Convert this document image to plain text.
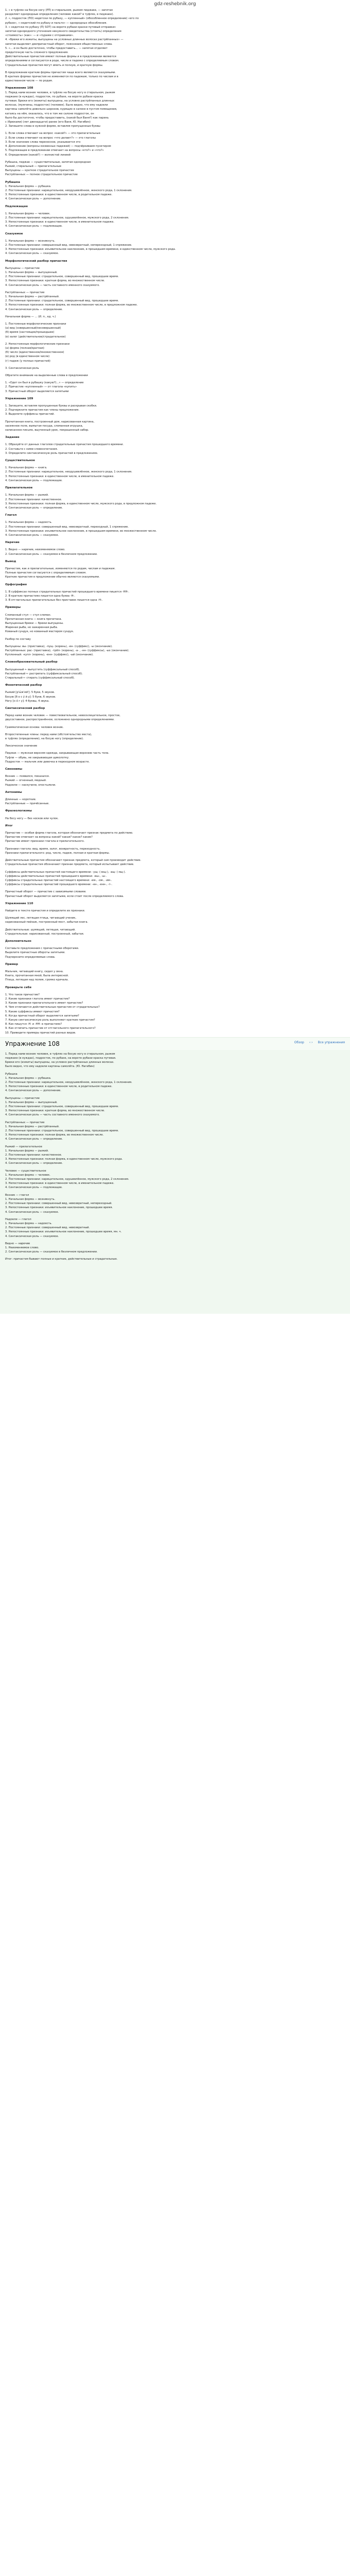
gdz-reshebnik.org

1. « в туфлях на босую ногу (РП) в стиральном, рыжем пиджаке, — запятая

разделяет однородные определения (человек какой? в туфлях, в пиджаке).

2. «, подросток (ПО) недетски по рубаху, — купленный» (обособленное определение) «его по

рубахе», « недетский по рубаху и пальто» — однородных обособления.

3. « недетски по рубаху (П) SOT) на вороте рубахи краски путевый отправки»

запятая однородного уточнения ненужного свидетельства (стоять) определения

«стоимость» (как»: — и «пурами с отправками».

4. «брюки его изжиты, выпущены на условных длинных волосах растрёпанных» —

запятая выделяет деепричастный оборот, пояснения общественных слова.

5. «... и он было достаточно, чтобы предоставить... — запятая отделяет

придаточную часть сложного предложения.

Действительные причастия имеют полные формы и в предложении являются

определениями и согласуются в роде, числе и падеже с определяемым словом.

Страдательные причастия могут иметь и полную, и краткую формы.

В предложении краткие формы причастия чаще всего являются сказуемыми.

В кратких формах причастия не изменяются по падежам, только по числам и в

единственном числе — по родам.

Упражнение 108

1. Перед нами возник человек, в туфлях на босую ногу в стиральном, рыжем

пиджаке (в нуждах), подросток, по рубахе, на вороте рубахи краска

путевая. Брюки его (изжиты) выпущены, на условно растрёпанных длинных

волосах, (мужчины, подросток) (человек). Было видно, что ему надоели

картины самолёта довольно шорохов, курящих в салоне в пустом помещении,

катаясь на нём, оказалось, что в том же салоне подросток, он

было бы достаточно, чтобы предоставить, (какой был Ваня?) как парень

с (брюками) (лет двенадцати) ранее (его Ваня, Ю. Нагибин)

2. Запишите слова в нужной форме, вставляя пропущенные буквы

1. Если слова отвечают на вопрос «какой?» — это прилагательные

2. Если слова отвечают на вопрос «что делает?» — это глаголы

3. Если значение слова переносное, указывается это

4. Дополнение (вопросы косвенных падежей) — подчёркиваем пунктиром

5. Подлежащее в предложении отвечает на вопросы «кто?» и «что?»

6. Определения (какой?) — волнистой линией

Рубашка, пиджак — существительные, запятая однородная

Рыжий, стиральный — прилагательные

Выпущены — краткое страдательное причастие

Растрёпанных — полное страдательное причастие

Рубашка

1. Начальная форма — рубашка.

2. Постоянные признаки: нарицательное, неодушевлённое, женского рода, 1 склонения.

3. Непостоянные признаки: в единственном числе, в родительном падеже.

4. Синтаксическая роль — дополнение.

Подлежащее

1. Начальная форма — человек.

2. Постоянные признаки: нарицательное, одушевлённое, мужского рода, 2 склонения.

3. Непостоянные признаки: в единственном числе, в именительном падеже.

4. Синтаксическая роль — подлежащее.

Сказуемое

1. Начальная форма — возникнуть.

2. Постоянные признаки: совершенный вид, невозвратный, непереходный, 1 спряжение.

3. Непостоянные признаки: изъявительное наклонение, в прошедшем времени, в единственном числе, мужского рода.

4. Синтаксическая роль — сказуемое.

Морфологический разбор причастия

Выпущены — причастие

1. Начальная форма — выпущенный.

2. Постоянные признаки: страдательное, совершенный вид, прошедшее время.

3. Непостоянные признаки: краткая форма, во множественном числе.

4. Синтаксическая роль — часть составного именного сказуемого.

Растрёпанных — причастие

1. Начальная форма — растрёпанный.

2. Постоянные признаки: страдательное, совершенный вид, прошедшее время.

3. Непостоянные признаки: полная форма, во множественном числе, в предложном падеже.

4. Синтаксическая роль — определение.

Начальная форма — ... (И. п., ед. ч.)

1. Постоянные морфологические признаки

(а) вид (совершенный/несовершенный)

(б) время (настоящее/прошедшее)

(в) залог (действительное/страдательное)

2. Непостоянные морфологические признаки

(а) форма (полная/краткая)

(б) число (единственное/множественное)

(в) род (в единственном числе)

(г) падеж (у полных причастий)

3. Синтаксическая роль

Обратите внимание на выделенные слова в предложении

1. «Одет он был в рубашку (какую?)...» — определение

2. Причастие «купленный» — от глагола «купить»

3. Причастный оборот выделяется запятыми

Упражнение 109

1. Запишите, вставляя пропущенные буквы и раскрывая скобки.

2. Подчеркните причастия как члены предложения.

3. Выделите суффиксы причастий.

Прочитанная книга, построенный дом, нарисованная картина,

засеянное поле, вымытая посуда, сломанная игрушка,

написанное письмо, выученный урок, покрашенный забор.

Задание

1. Образуйте от данных глаголов страдательные причастия прошедшего времени.

2. Составьте с ними словосочетания.

3. Определите синтаксическую роль причастий в предложениях.

Существительное

1. Начальная форма — книга.

2. Постоянные признаки: нарицательное, неодушевлённое, женского рода, 1 склонения.

3. Непостоянные признаки: в единственном числе, в именительном падеже.

4. Синтаксическая роль — подлежащее.

Прилагательное

1. Начальная форма — рыжий.

2. Постоянные признаки: качественное.

3. Непостоянные признаки: полная форма, в единственном числе, мужского рода, в предложном падеже.

4. Синтаксическая роль — определение.

Глагол

1. Начальная форма — надоесть.

2. Постоянные признаки: совершенный вид, невозвратный, переходный, 1 спряжение.

3. Непостоянные признаки: изъявительное наклонение, в прошедшем времени, во множественном числе.

4. Синтаксическая роль — сказуемое.

Наречие

1. Видно — наречие, неизменяемое слово.

2. Синтаксическая роль — сказуемое в безличном предложении.

Вывод

Причастия, как и прилагательные, изменяются по родам, числам и падежам.

Полные причастия согласуются с определяемым словом.

Краткие причастия в предложении обычно являются сказуемыми.

Орфография

1. В суффиксах полных страдательных причастий прошедшего времени пишется -НН-.

2. В кратких причастиях пишется одна буква -Н-.

3. В отглагольных прилагательных без приставок пишется одна -Н-.

Примеры

Сломанный стул — стул сломан.

Прочитанная книга — книга прочитана.

Выпущенные брюки — брюки выпущены.

Жареная рыба, но зажаренная рыба.

Кованый сундук, но кованный мастером сундук.

Разбор по составу

Выпущены: вы- (приставка), -пущ- (корень), -ен- (суффикс), -ы (окончание).

Растрёпанных: рас- (приставка), -трёп- (корень), -а- , -нн- (суффиксы), -ых (окончание).

Купленный: -купл- (корень), -енн- (суффикс), -ый (окончание).

Словообразовательный разбор

Выпущенный ← выпустить (суффиксальный способ).

Растрёпанный ← растрепать (суффиксальный способ).

Стиральный ← стирать (суффиксальный способ).

Фонетический разбор

Рыжий [р'ы́ж'ий']: 5 букв, 5 звуков.

Босую [б о с у́ й у]: 5 букв, 6 звуков.

Ногу [н о́ г у]: 4 буквы, 4 звука.

Синтаксический разбор

Перед нами возник человек — повествовательное, невосклицательное, простое,

двусоставное, распространённое, осложнено однородными определениями.

Грамматическая основа: человек возник.

Второстепенные члены: перед нами (обстоятельство места),

в туфлях (определение), на босую ногу (определение).

Лексическое значение

Пиджак — мужская верхняя одежда, закрывающая верхнюю часть тела.

Туфли — обувь, не закрывающая щиколотку.

Подросток — мальчик или девочка в переходном возрасте.

Синонимы

Возник — появился, показался.

Рыжий — огненный, медный.

Надоели — наскучили, опостылели.

Антонимы

Длинные — короткие.

Растрёпанные — причёсанные.

Фразеологизмы

На босу ногу — без носков или чулок.

Итог

Причастие — особая форма глагола, которая обозначает признак предмета по действию.

Причастие отвечает на вопросы какой? какая? какое? какие?

Причастие имеет признаки глагола и прилагательного.

Признаки глагола: вид, время, залог, возвратность, переходность.

Признаки прилагательного: род, число, падеж, полная и краткая формы.

Действительные причастия обозначают признак предмета, который сам производит действие.

Страдательные причастия обозначают признак предмета, который испытывает действие.

Суффиксы действительных причастий настоящего времени: -ущ- (-ющ-), -ащ- (-ящ-).

Суффиксы действительных причастий прошедшего времени: -вш-, -ш-.

Суффиксы страдательных причастий настоящего времени: -ем-, -ом-, -им-.

Суффиксы страдательных причастий прошедшего времени: -нн-, -енн-, -т-.

Причастный оборот — причастие с зависимыми словами.

Причастный оборот выделяется запятыми, если стоит после определяемого слова.

Упражнение 110

Найдите в тексте причастия и определите их признаки.

Шумящий лес, летящая птица, читающий ученик,

нарисованный пейзаж, построенный мост, забытая книга.

Действительные: шумящий, летящая, читающий.

Страдательные: нарисованный, построенный, забытая.

Дополнительно

Составьте предложения с причастными оборотами.

Выделите причастные обороты запятыми.

Подчеркните определяемые слова.

Пример

Мальчик, читающий книгу, сидел у окна.

Книга, прочитанная мной, была интересной.

Птица, летящая над полем, громко кричала.

Проверьте себя

1. Что такое причастие?

2. Какие признаки глагола имеет причастие?

3. Какие признаки прилагательного имеет причастие?

4. Чем отличаются действительные причастия от страдательных?

5. Какие суффиксы имеют причастия?

6. Когда причастный оборот выделяется запятыми?

7. Какую синтаксическую роль выполняют краткие причастия?

8. Как пишутся -Н- и -НН- в причастиях?

9. Как отличить причастие от отглагольного прилагательного?

10. Приведите примеры причастий разных видов.

Упражнение 108	Обзор ‹ › Все упражнения

1. Перед нами возник человек, в туфлях на босую ногу в стиральном, рыжем

пиджаке (в нуждах), подросток, по рубахе, на вороте рубахи краска путевая.

Брюки его (изжиты) выпущены, на условно растрёпанных длинных волосах.

Было видно, что ему надоели картины самолёта. (Ю. Нагибин)

Рубашка

1. Начальная форма — рубашка.

2. Постоянные признаки: нарицательное, неодушевлённое, женского рода, 1 склонения.

3. Непостоянные признаки: в единственном числе, в родительном падеже.

4. Синтаксическая роль — дополнение.

Выпущены — причастие

1. Начальная форма — выпущенный.

2. Постоянные признаки: страдательное, совершенный вид, прошедшее время.

3. Непостоянные признаки: краткая форма, во множественном числе.

4. Синтаксическая роль — часть составного именного сказуемого.

Растрёпанных — причастие

1. Начальная форма — растрёпанный.

2. Постоянные признаки: страдательное, совершенный вид, прошедшее время.

3. Непостоянные признаки: полная форма, во множественном числе.

4. Синтаксическая роль — определение.

Рыжий — прилагательное

1. Начальная форма — рыжий.

2. Постоянные признаки: качественное.

3. Непостоянные признаки: полная форма, в единственном числе, мужского рода.

4. Синтаксическая роль — определение.

Человек — существительное

1. Начальная форма — человек.

2. Постоянные признаки: нарицательное, одушевлённое, мужского рода, 2 склонения.

3. Непостоянные признаки: в единственном числе, в именительном падеже.

4. Синтаксическая роль — подлежащее.

Возник — глагол

1. Начальная форма — возникнуть.

2. Постоянные признаки: совершенный вид, невозвратный, непереходный.

3. Непостоянные признаки: изъявительное наклонение, прошедшее время.

4. Синтаксическая роль — сказуемое.

Надоели — глагол

1. Начальная форма — надоесть.

2. Постоянные признаки: совершенный вид, невозвратный.

3. Непостоянные признаки: изъявительное наклонение, прошедшее время, мн. ч.

4. Синтаксическая роль — сказуемое.

Видно — наречие

1. Неизменяемое слово.

2. Синтаксическая роль — сказуемое в безличном предложении.

Итог: причастия бывают полные и краткие, действительные и страдательные.
